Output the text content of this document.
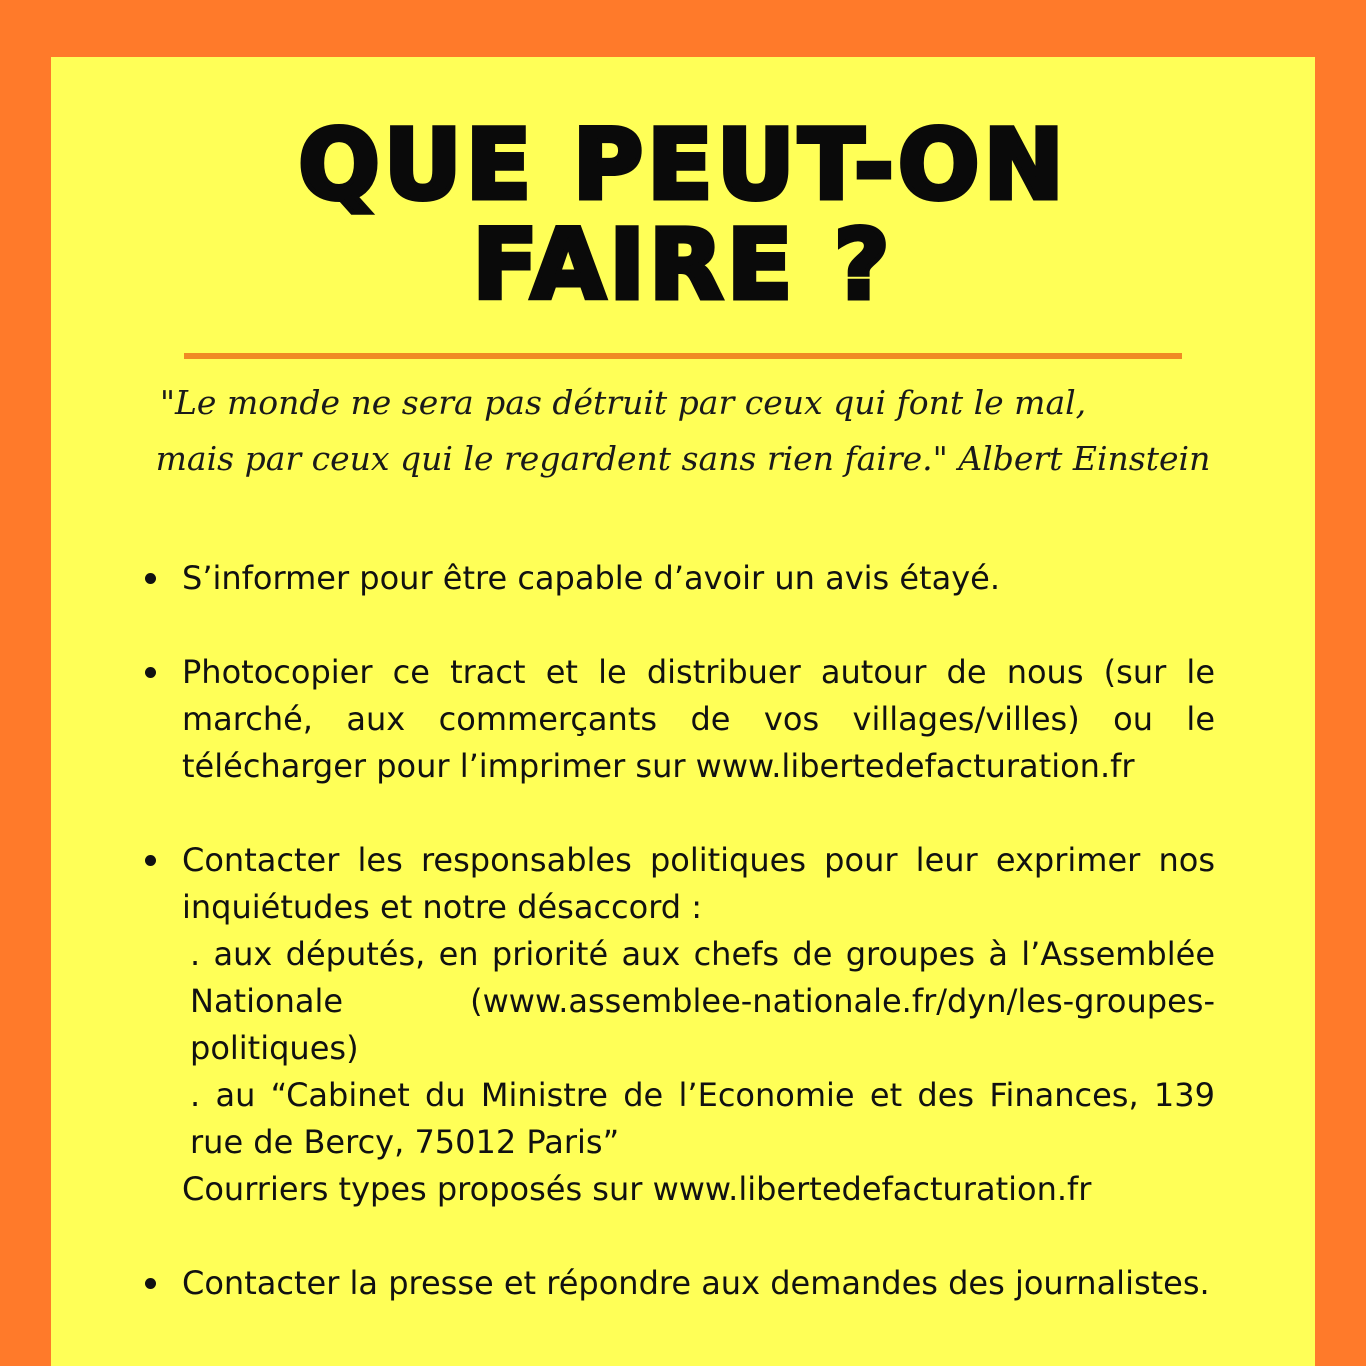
QUE PEUT-ON
FAIRE ?

"Le monde ne sera pas détruit par ceux qui font le mal,
mais par ceux qui le regardent sans rien faire." Albert Einstein

S’informer pour être capable d’avoir un avis étayé.
Photocopier ce tract et le distribuer autour de nous (sur le marché, aux commerçants de vos villages/villes) ou le télécharger pour l’imprimer sur www.libertedefacturation.fr
Contacter les responsables politiques pour leur exprimer nos inquiétudes et notre désaccord :
. aux députés, en priorité aux chefs de groupes à l’Assemblée Nationale (www.assemblee-nationale.fr/dyn/les-groupes-politiques)
. au “Cabinet du Ministre de l’Economie et des Finances, 139 rue de Bercy, 75012 Paris”
Courriers types proposés sur www.libertedefacturation.fr
Contacter la presse et répondre aux demandes des journalistes.
